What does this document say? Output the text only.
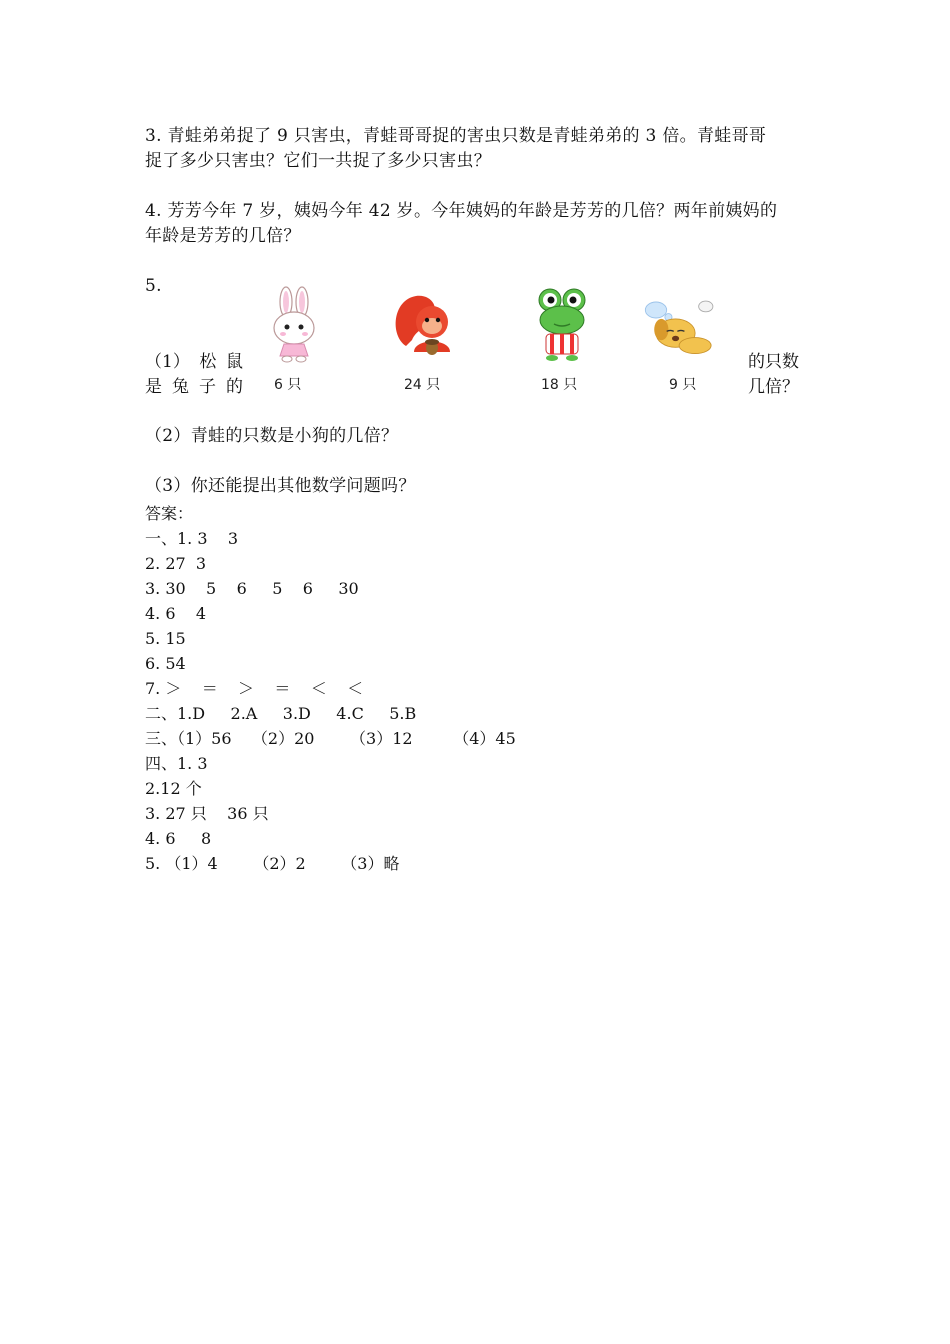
3. 青蛙弟弟捉了 9 只害虫，青蛙哥哥捉的害虫只数是青蛙弟弟的 3 倍。青蛙哥哥
捉了多少只害虫？它们一共捉了多少只害虫？
4. 芳芳今年 7 岁，姨妈今年 42 岁。今年姨妈的年龄是芳芳的几倍？两年前姨妈的
年龄是芳芳的几倍？
5.
6 只	24 只	18 只	9 只
（1） 松 鼠
是 兔 子 的
的只数
几倍？
（2）青蛙的只数是小狗的几倍？
（3）你还能提出其他数学问题吗？
答案：
一、1. 3    3
2. 27  3
3. 30    5    6     5    6     30
4. 6    4
5. 15
6. 54
7. ＞    ＝    ＞    ＝    ＜    ＜
二、1.D     2.A     3.D     4.C     5.B
三、（1）56    （2）20       （3）12        （4）45
四、1. 3
2.12 个
3. 27 只    36 只
4. 6     8
5. （1）4       （2）2       （3）略
